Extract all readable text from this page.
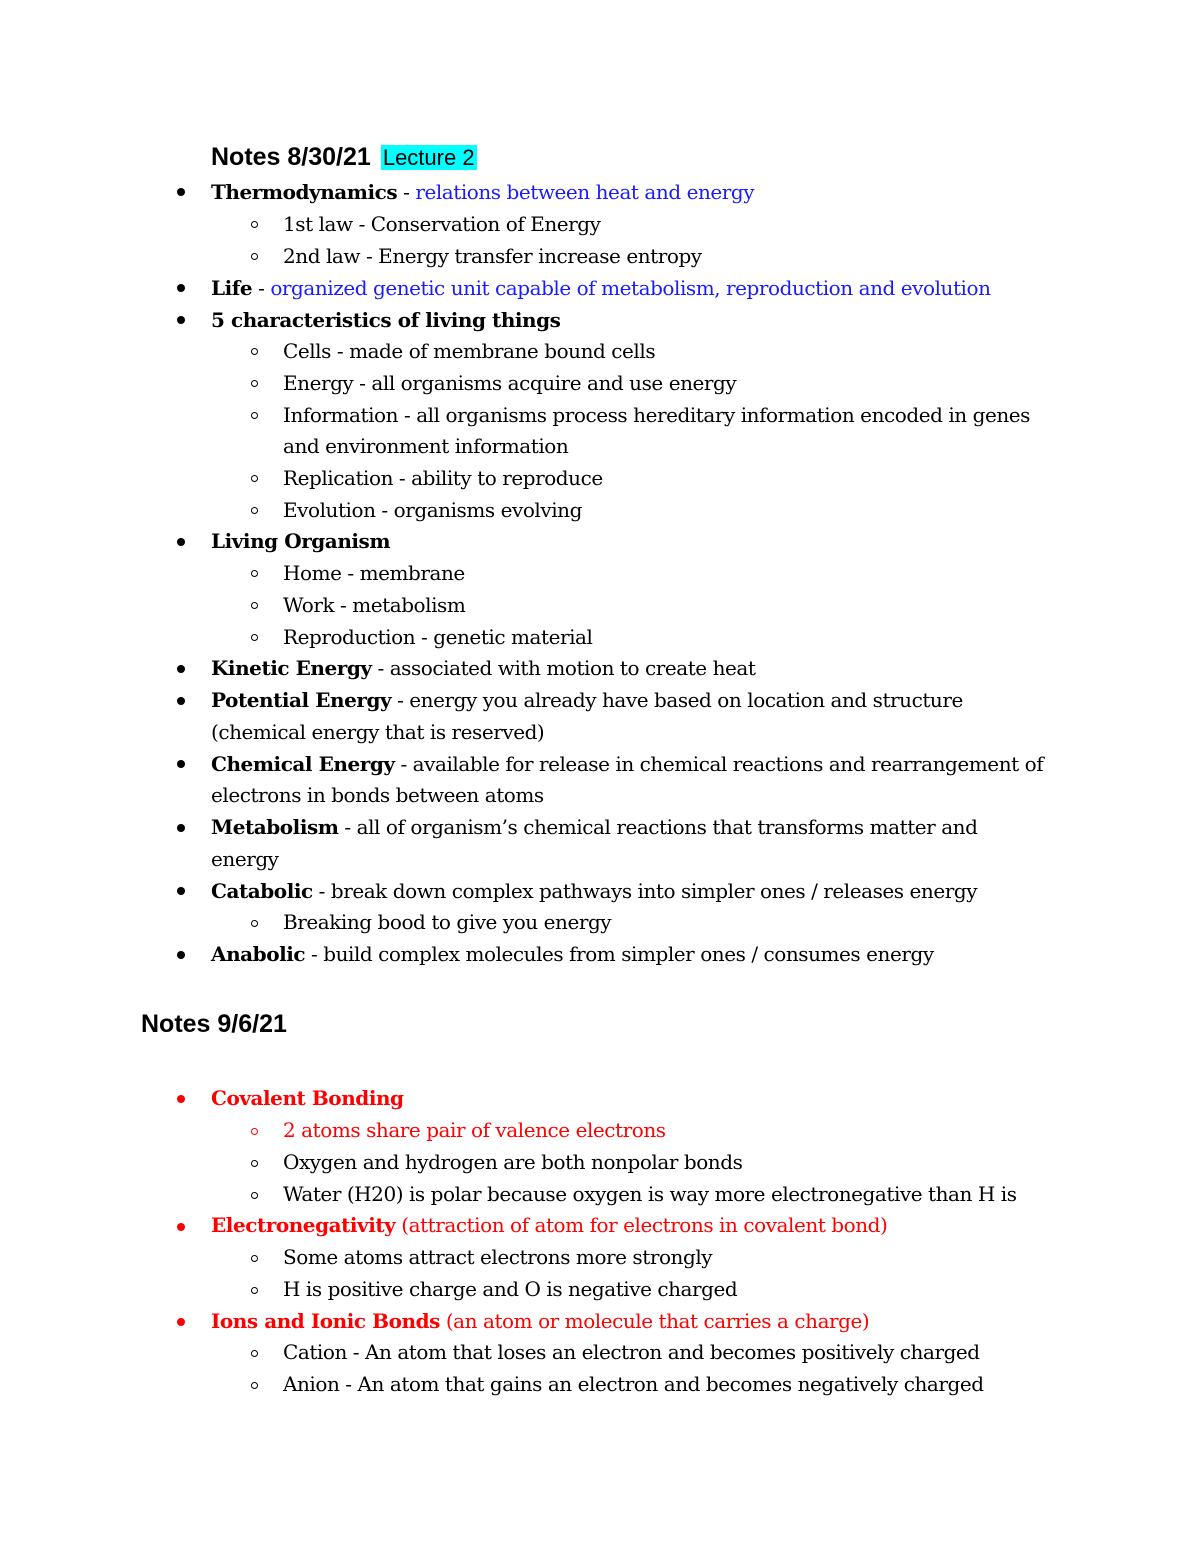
Notes 8/30/21 Lecture 2
Thermodynamics - relations between heat and energy
1st law - Conservation of Energy
2nd law - Energy transfer increase entropy
Life - organized genetic unit capable of metabolism, reproduction and evolution
5 characteristics of living things
Cells - made of membrane bound cells
Energy - all organisms acquire and use energy
Information - all organisms process hereditary information encoded in genes
and environment information
Replication - ability to reproduce
Evolution - organisms evolving
Living Organism
Home - membrane
Work - metabolism
Reproduction - genetic material
Kinetic Energy - associated with motion to create heat
Potential Energy - energy you already have based on location and structure
(chemical energy that is reserved)
Chemical Energy - available for release in chemical reactions and rearrangement of
electrons in bonds between atoms
Metabolism - all of organism’s chemical reactions that transforms matter and
energy
Catabolic - break down complex pathways into simpler ones / releases energy
Breaking bood to give you energy
Anabolic - build complex molecules from simpler ones / consumes energy
Notes 9/6/21
Covalent Bonding
2 atoms share pair of valence electrons
Oxygen and hydrogen are both nonpolar bonds
Water (H20) is polar because oxygen is way more electronegative than H is
Electronegativity (attraction of atom for electrons in covalent bond)
Some atoms attract electrons more strongly
H is positive charge and O is negative charged
Ions and Ionic Bonds (an atom or molecule that carries a charge)
Cation - An atom that loses an electron and becomes positively charged
Anion - An atom that gains an electron and becomes negatively charged
